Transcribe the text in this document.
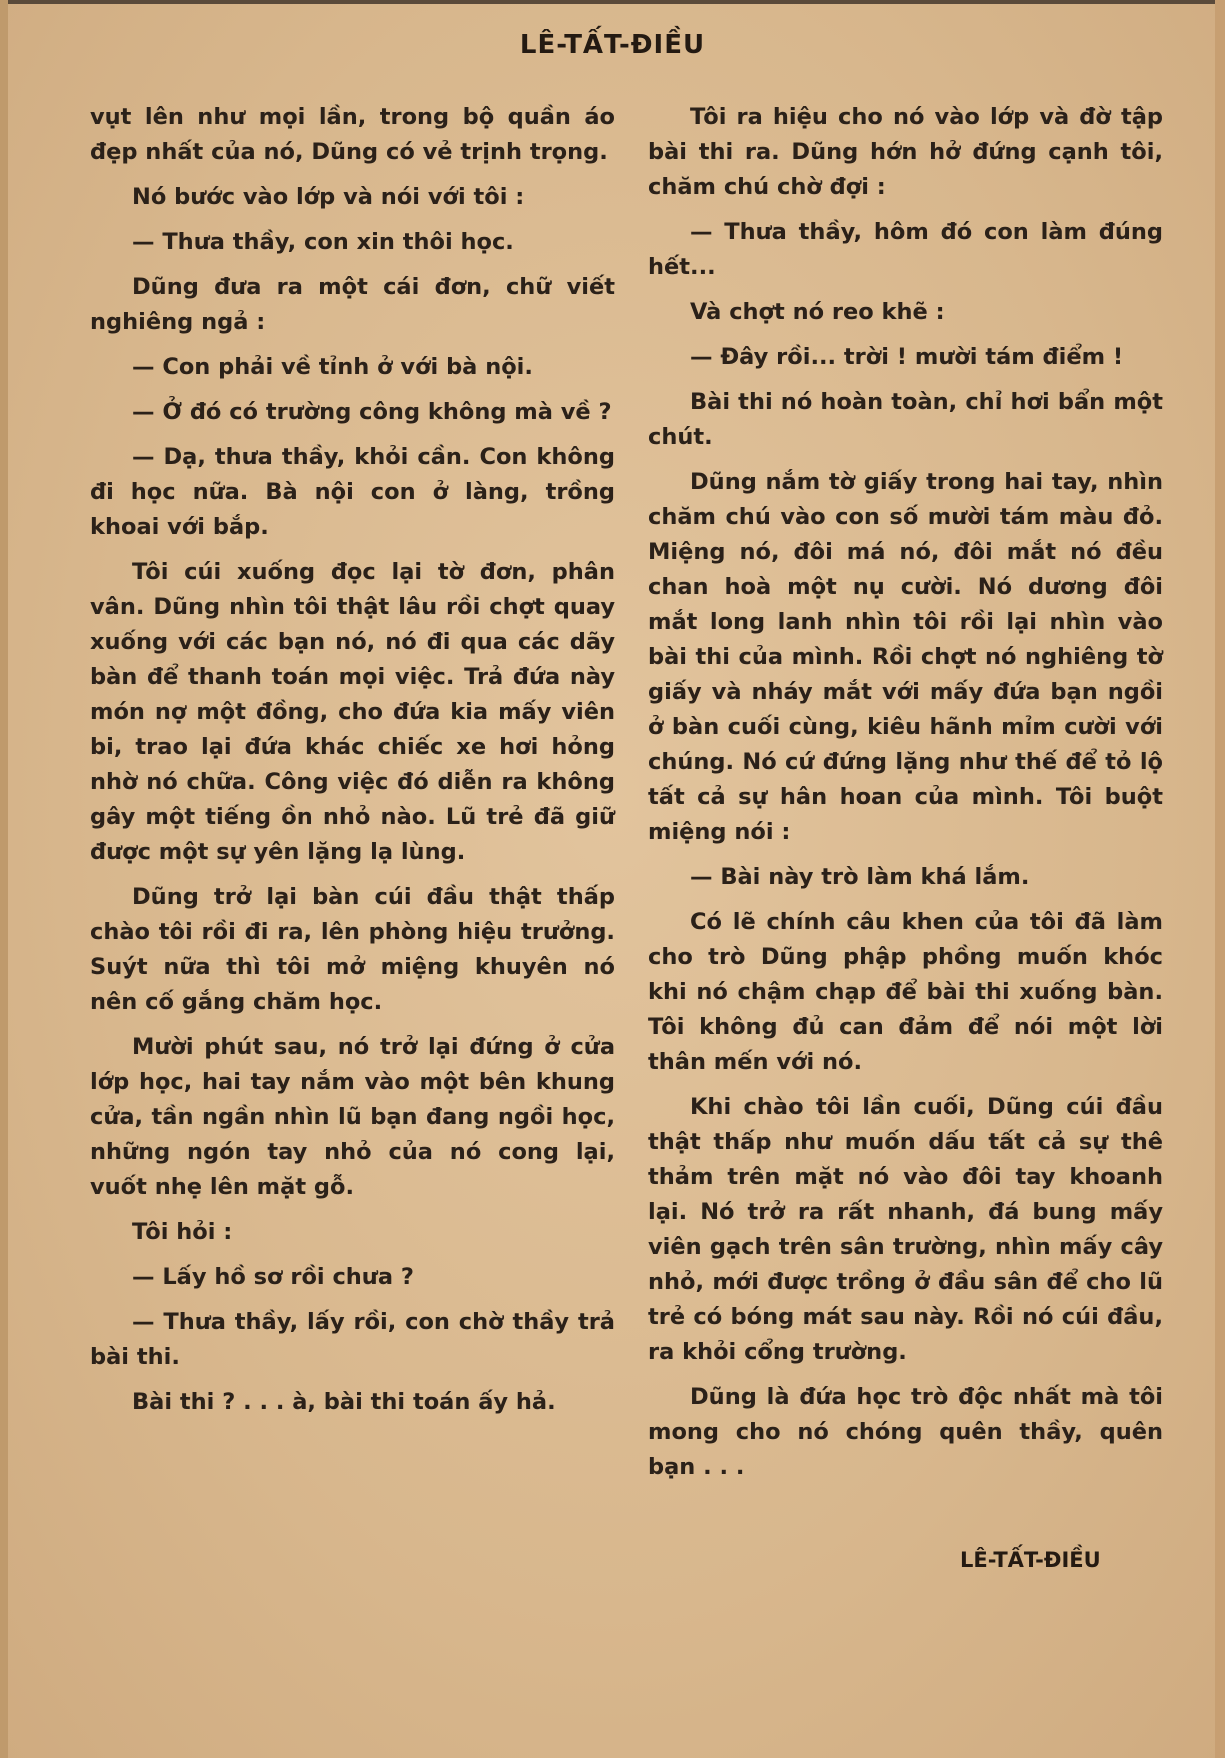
LÊ-TẤT-ĐIỀU

vụt lên như mọi lần, trong bộ quần áo đẹp nhất của nó, Dũng có vẻ trịnh trọng.

Nó bước vào lớp và nói với tôi :

— Thưa thầy, con xin thôi học.

Dũng đưa ra một cái đơn, chữ viết nghiêng ngả :

— Con phải về tỉnh ở với bà nội.

— Ở đó có trường công không mà về ?

— Dạ, thưa thầy, khỏi cần. Con không đi học nữa. Bà nội con ở làng, trồng khoai với bắp.

Tôi cúi xuống đọc lại tờ đơn, phân vân. Dũng nhìn tôi thật lâu rồi chợt quay xuống với các bạn nó, nó đi qua các dãy bàn để thanh toán mọi việc. Trả đứa này món nợ một đồng, cho đứa kia mấy viên bi, trao lại đứa khác chiếc xe hơi hỏng nhờ nó chữa. Công việc đó diễn ra không gây một tiếng ồn nhỏ nào. Lũ trẻ đã giữ được một sự yên lặng lạ lùng.

Dũng trở lại bàn cúi đầu thật thấp chào tôi rồi đi ra, lên phòng hiệu trưởng. Suýt nữa thì tôi mở miệng khuyên nó nên cố gắng chăm học.

Mười phút sau, nó trở lại đứng ở cửa lớp học, hai tay nắm vào một bên khung cửa, tần ngần nhìn lũ bạn đang ngồi học, những ngón tay nhỏ của nó cong lại, vuốt nhẹ lên mặt gỗ.

Tôi hỏi :

— Lấy hồ sơ rồi chưa ?

— Thưa thầy, lấy rồi, con chờ thầy trả bài thi.

Bài thi ? . . . à, bài thi toán ấy hả.

Tôi ra hiệu cho nó vào lớp và đờ tập bài thi ra. Dũng hớn hở đứng cạnh tôi, chăm chú chờ đợi :

— Thưa thầy, hôm đó con làm đúng hết...

Và chợt nó reo khẽ :

— Đây rồi... trời ! mười tám điểm !

Bài thi nó hoàn toàn, chỉ hơi bẩn một chút.

Dũng nắm tờ giấy trong hai tay, nhìn chăm chú vào con số mười tám màu đỏ. Miệng nó, đôi má nó, đôi mắt nó đều chan hoà một nụ cười. Nó dương đôi mắt long lanh nhìn tôi rồi lại nhìn vào bài thi của mình. Rồi chợt nó nghiêng tờ giấy và nháy mắt với mấy đứa bạn ngồi ở bàn cuối cùng, kiêu hãnh mỉm cười với chúng. Nó cứ đứng lặng như thế để tỏ lộ tất cả sự hân hoan của mình. Tôi buột miệng nói :

— Bài này trò làm khá lắm.

Có lẽ chính câu khen của tôi đã làm cho trò Dũng phập phồng muốn khóc khi nó chậm chạp để bài thi xuống bàn. Tôi không đủ can đảm để nói một lời thân mến với nó.

Khi chào tôi lần cuối, Dũng cúi đầu thật thấp như muốn dấu tất cả sự thê thảm trên mặt nó vào đôi tay khoanh lại. Nó trở ra rất nhanh, đá bung mấy viên gạch trên sân trường, nhìn mấy cây nhỏ, mới được trồng ở đầu sân để cho lũ trẻ có bóng mát sau này. Rồi nó cúi đầu, ra khỏi cổng trường.

Dũng là đứa học trò độc nhất mà tôi mong cho nó chóng quên thầy, quên bạn . . .

LÊ-TẤT-ĐIỀU
